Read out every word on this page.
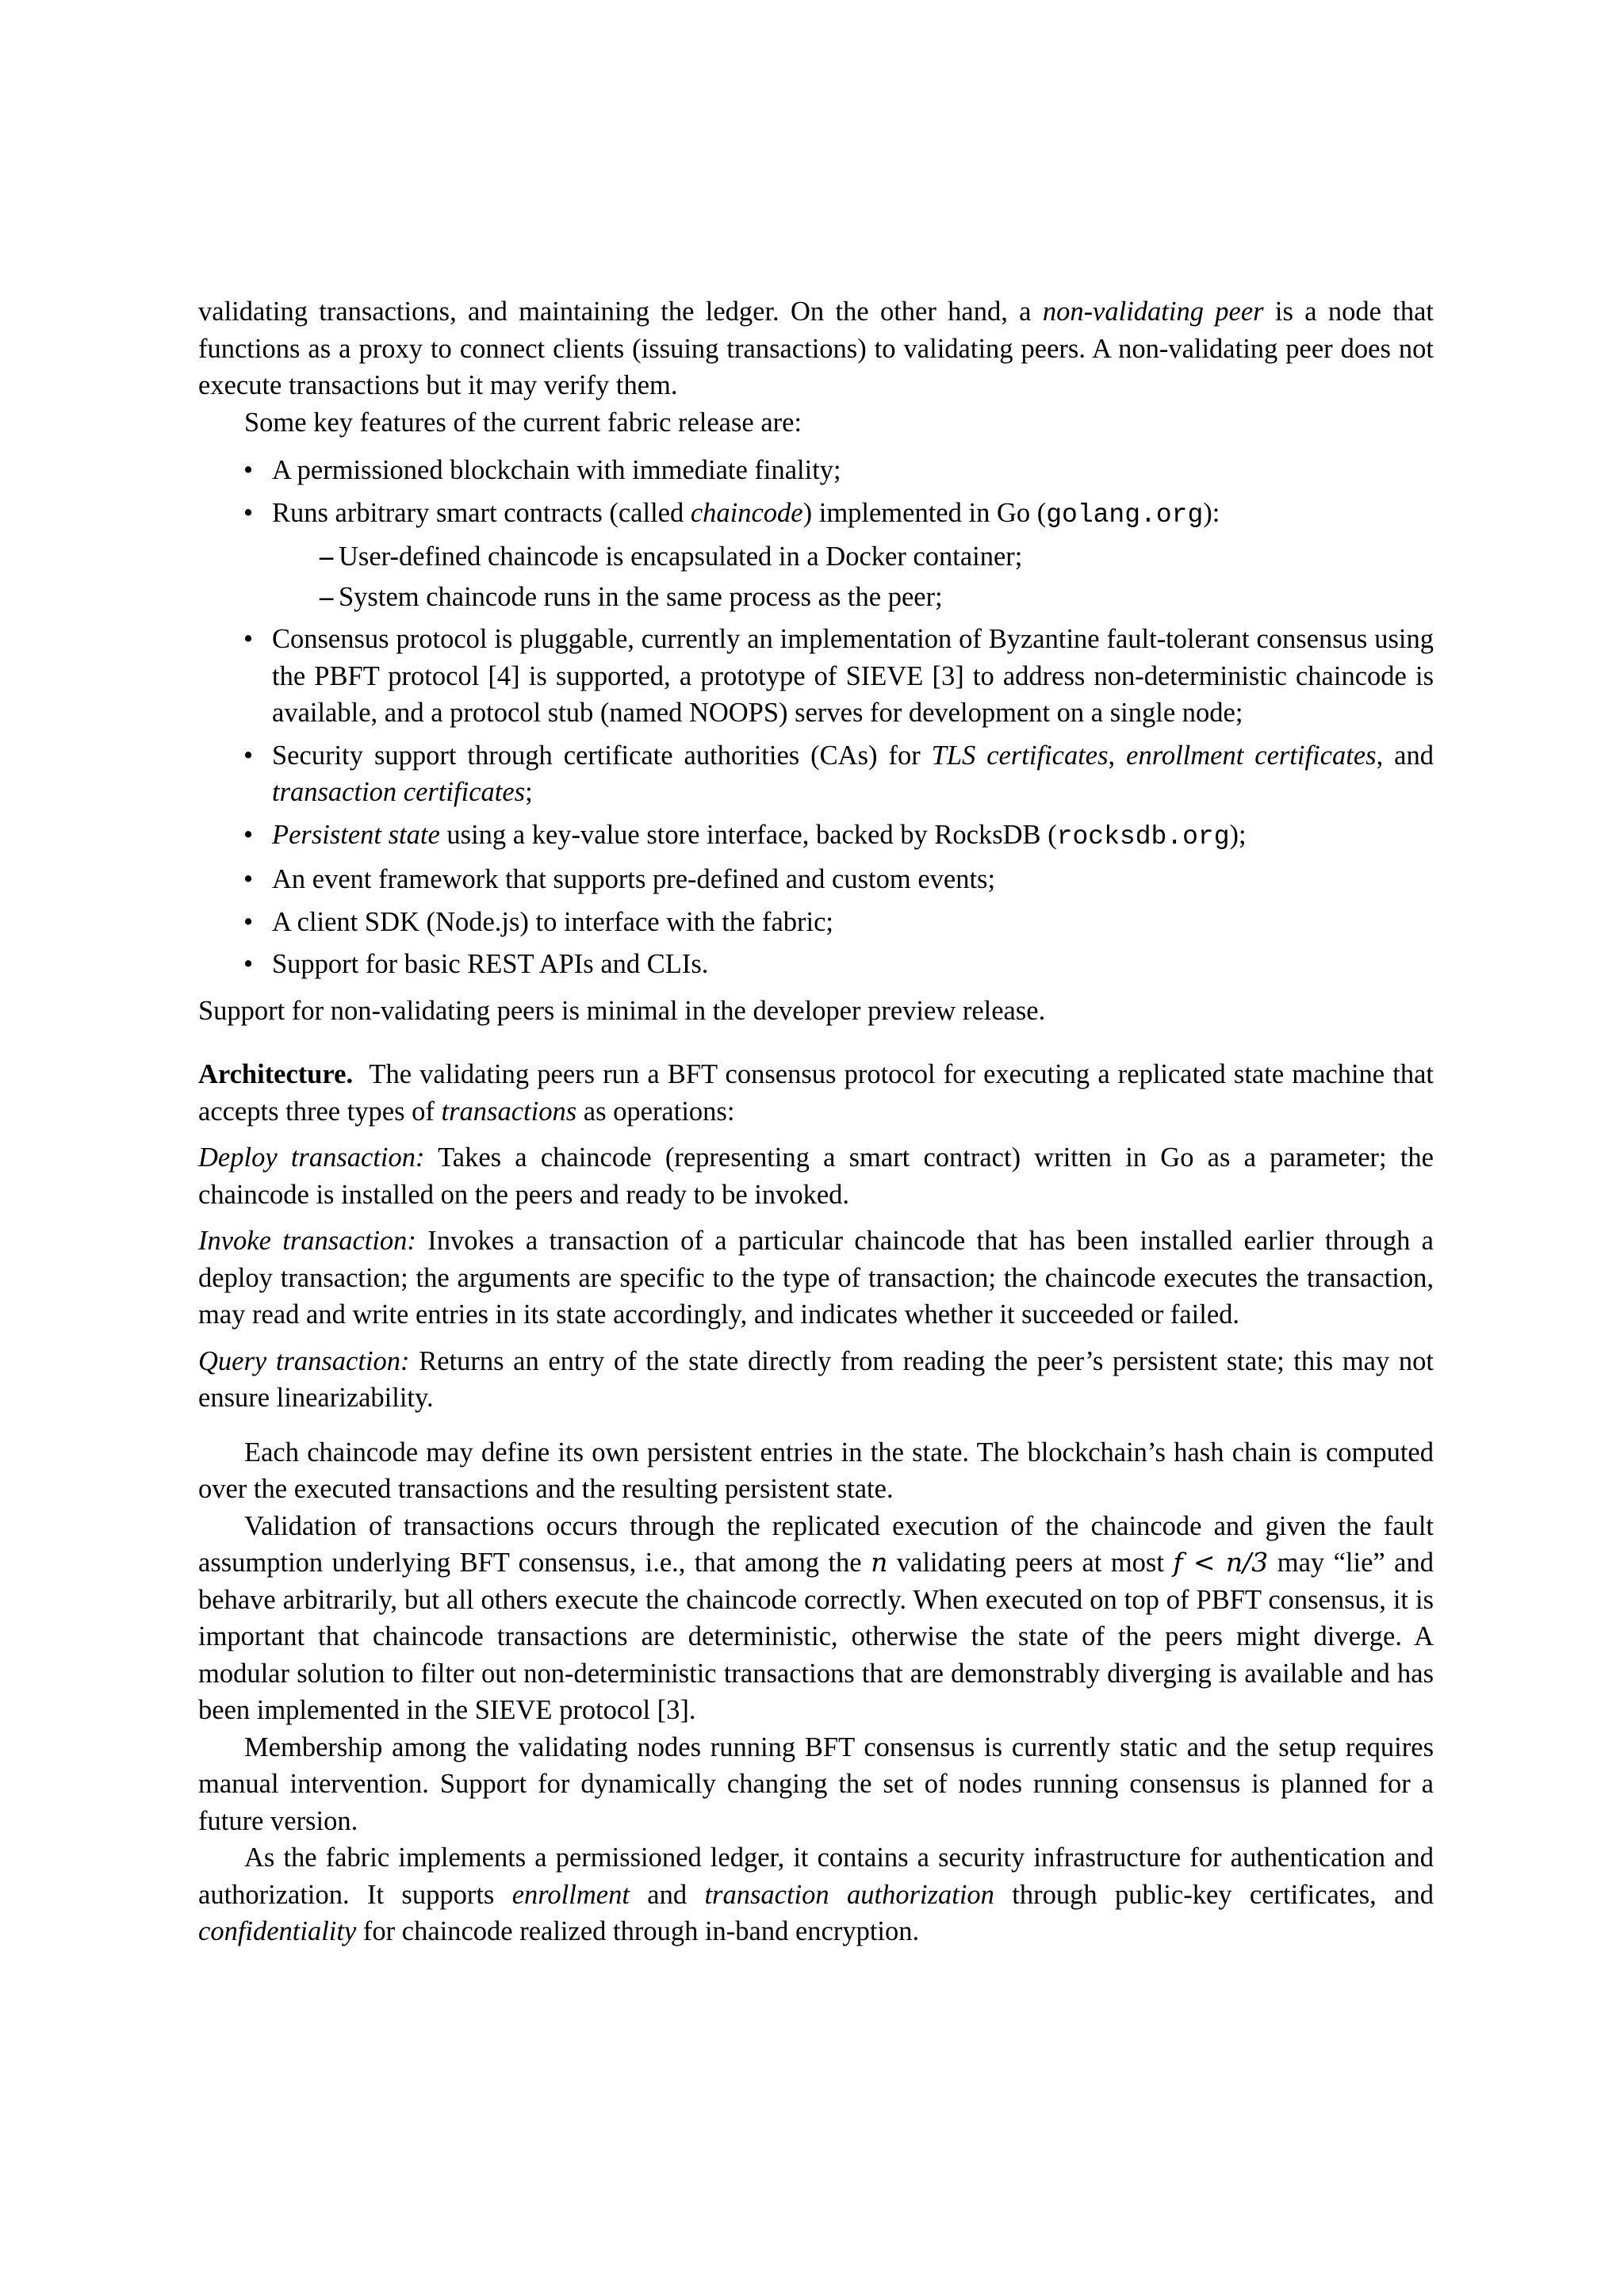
validating transactions, and maintaining the ledger. On the other hand, a non-validating peer is a node that functions as a proxy to connect clients (issuing transactions) to validating peers. A non-validating peer does not execute transactions but it may verify them.

Some key features of the current fabric release are:

• A permissioned blockchain with immediate finality;
• Runs arbitrary smart contracts (called chaincode) implemented in Go (golang.org):
– User-defined chaincode is encapsulated in a Docker container;
– System chaincode runs in the same process as the peer;
• Consensus protocol is pluggable, currently an implementation of Byzantine fault-tolerant consensus using the PBFT protocol [4] is supported, a prototype of SIEVE [3] to address non-deterministic chaincode is available, and a protocol stub (named NOOPS) serves for development on a single node;
• Security support through certificate authorities (CAs) for TLS certificates, enrollment certificates, and transaction certificates;
• Persistent state using a key-value store interface, backed by RocksDB (rocksdb.org);
• An event framework that supports pre-defined and custom events;
• A client SDK (Node.js) to interface with the fabric;
• Support for basic REST APIs and CLIs.

Support for non-validating peers is minimal in the developer preview release.

Architecture. The validating peers run a BFT consensus protocol for executing a replicated state machine that accepts three types of transactions as operations:

Deploy transaction: Takes a chaincode (representing a smart contract) written in Go as a parameter; the chaincode is installed on the peers and ready to be invoked.

Invoke transaction: Invokes a transaction of a particular chaincode that has been installed earlier through a deploy transaction; the arguments are specific to the type of transaction; the chaincode executes the transaction, may read and write entries in its state accordingly, and indicates whether it succeeded or failed.

Query transaction: Returns an entry of the state directly from reading the peer’s persistent state; this may not ensure linearizability.

Each chaincode may define its own persistent entries in the state. The blockchain’s hash chain is computed over the executed transactions and the resulting persistent state.

Validation of transactions occurs through the replicated execution of the chaincode and given the fault assumption underlying BFT consensus, i.e., that among the n validating peers at most f < n/3 may “lie” and behave arbitrarily, but all others execute the chaincode correctly. When executed on top of PBFT consensus, it is important that chaincode transactions are deterministic, otherwise the state of the peers might diverge. A modular solution to filter out non-deterministic transactions that are demonstrably diverging is available and has been implemented in the SIEVE protocol [3].

Membership among the validating nodes running BFT consensus is currently static and the setup requires manual intervention. Support for dynamically changing the set of nodes running consensus is planned for a future version.

As the fabric implements a permissioned ledger, it contains a security infrastructure for authentication and authorization. It supports enrollment and transaction authorization through public-key certificates, and confidentiality for chaincode realized through in-band encryption.
